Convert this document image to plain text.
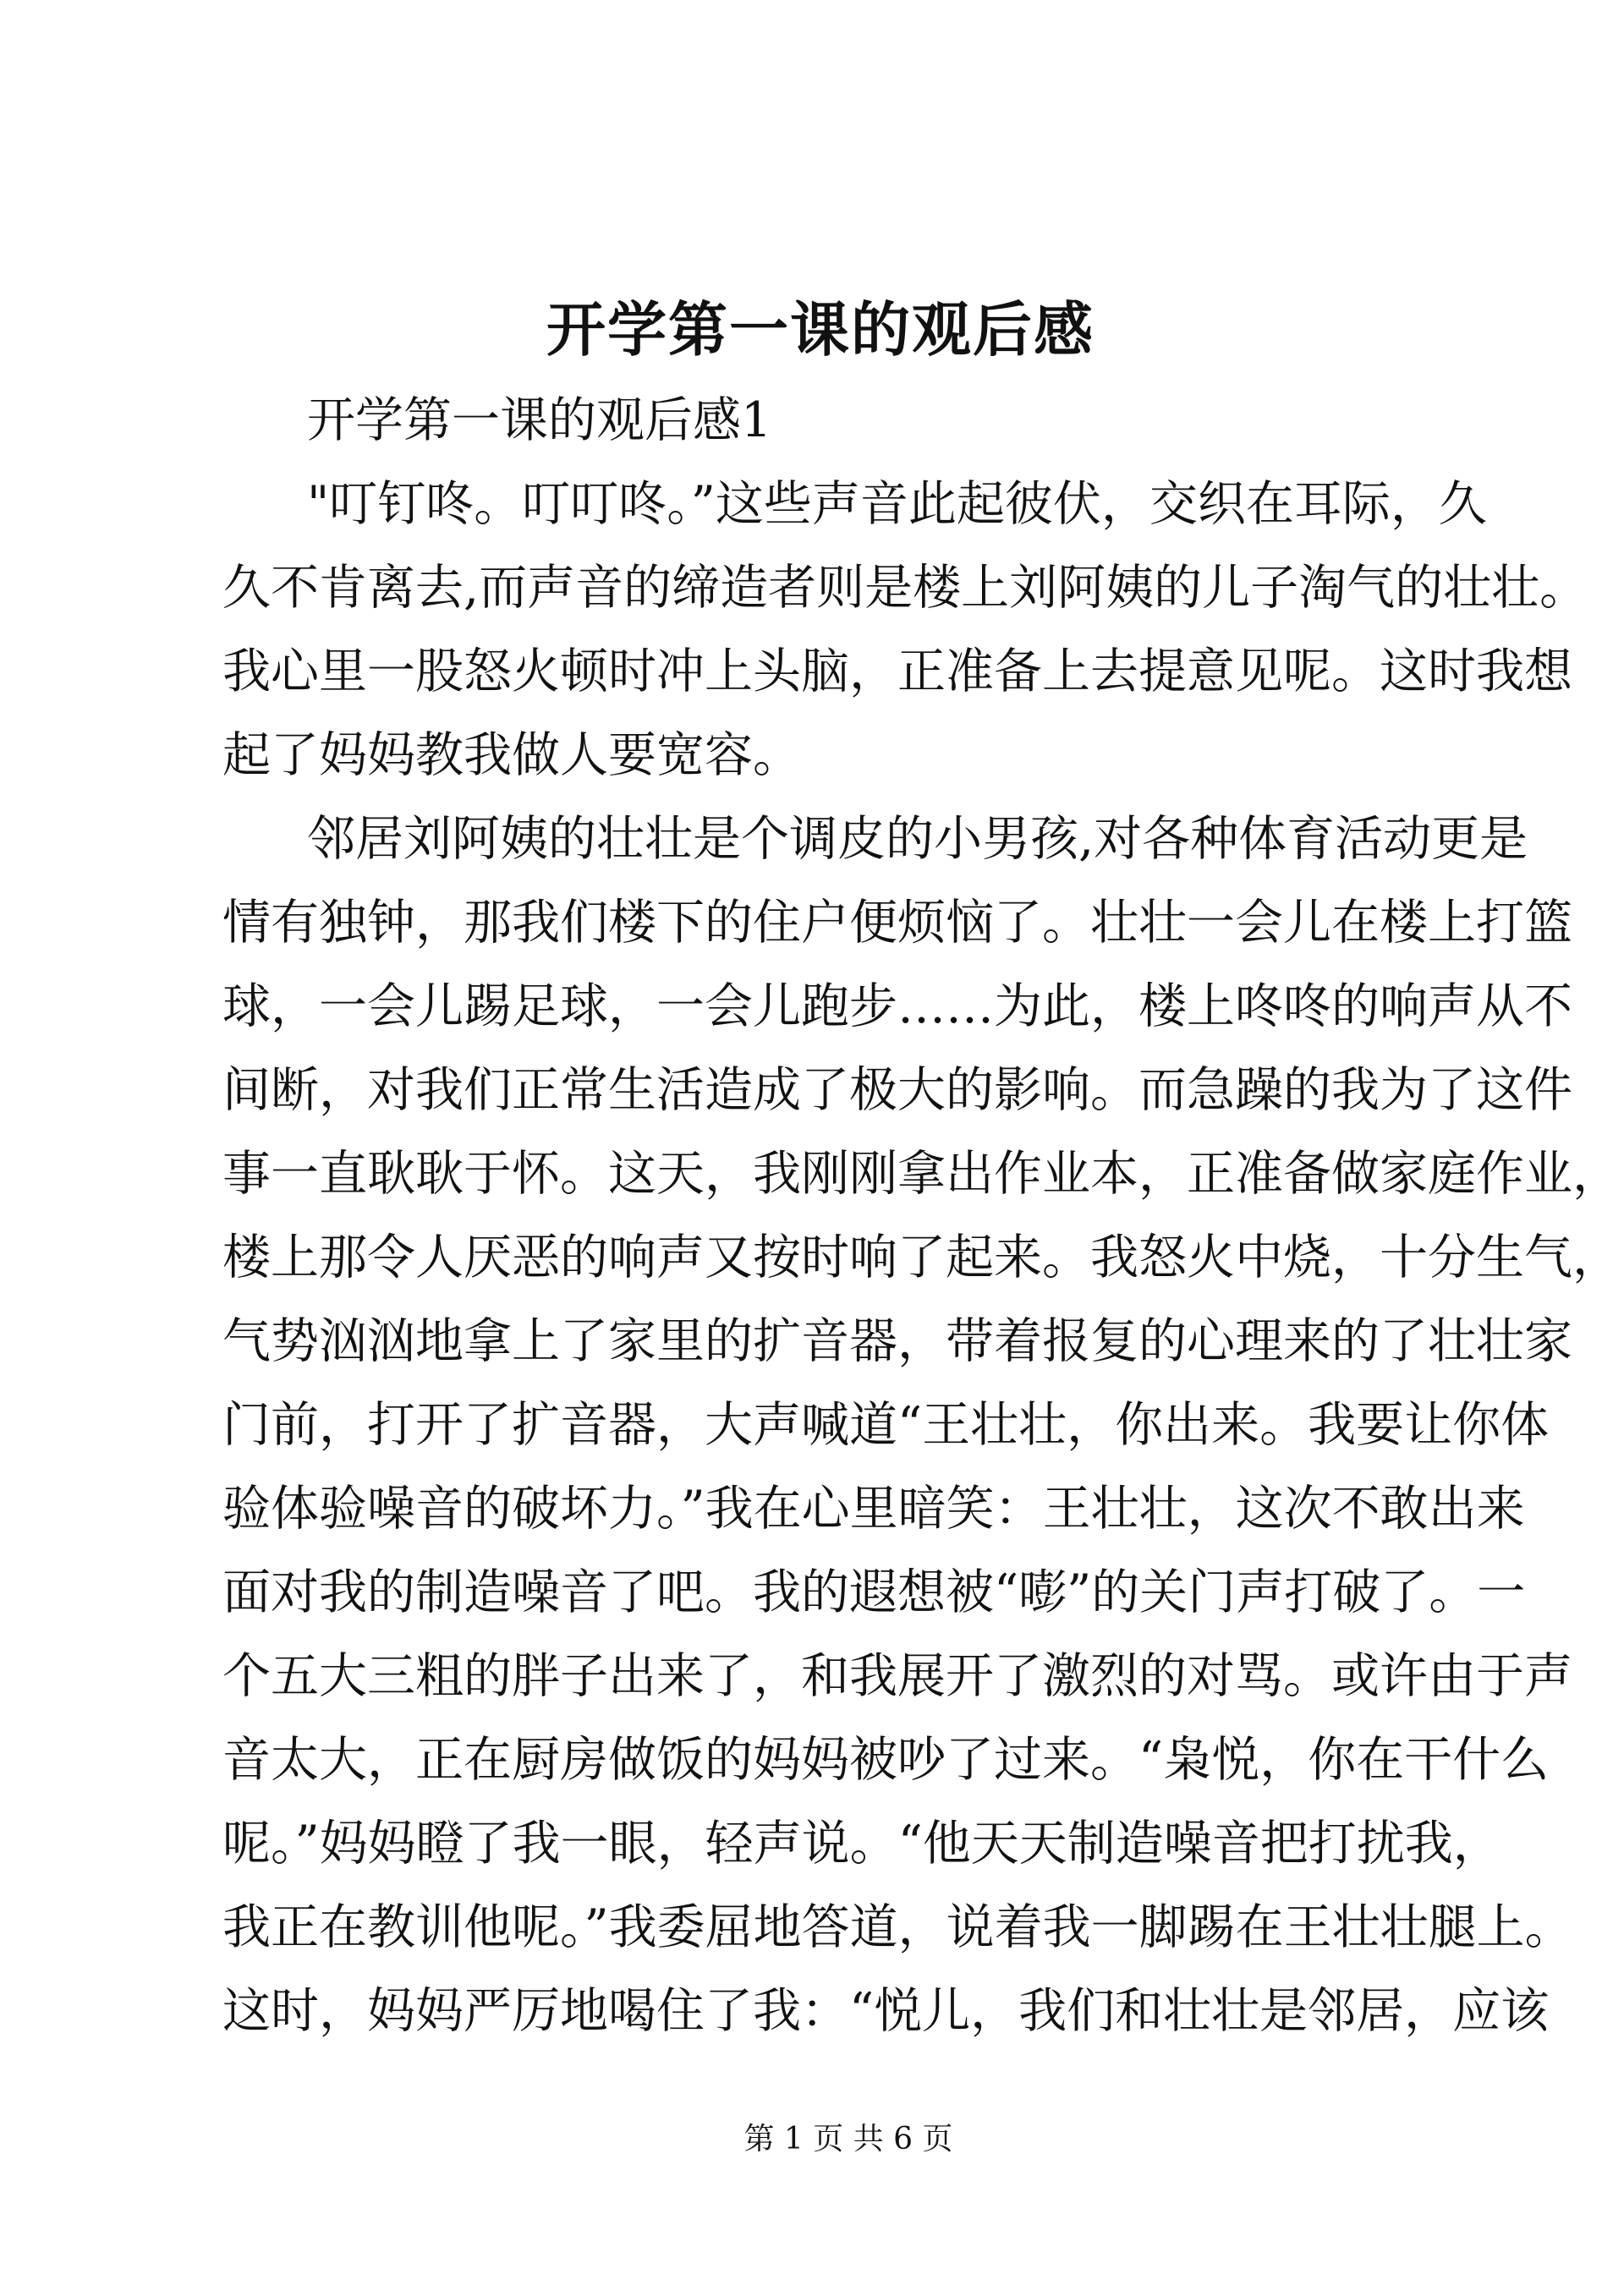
开学第一课的观后感
开学第一课的观后感1
"叮钉咚。叮叮咚。”这些声音此起彼伏，交织在耳际，久
久不肯离去,而声音的缔造者则是楼上刘阿姨的儿子淘气的壮壮。
我心里一股怒火顿时冲上头脑，正准备上去提意见呢。这时我想
起了妈妈教我做人要宽容。
邻居刘阿姨的壮壮是个调皮的小男孩,对各种体育活动更是
情有独钟，那我们楼下的住户便烦恼了。壮壮一会儿在楼上打篮
球，一会儿踢足球，一会儿跑步……为此，楼上咚咚的响声从不
间断，对我们正常生活造成了极大的影响。而急躁的我为了这件
事一直耿耿于怀。这天，我刚刚拿出作业本，正准备做家庭作业，
楼上那令人厌恶的响声又按时响了起来。我怒火中烧，十分生气，
气势汹汹地拿上了家里的扩音器，带着报复的心理来的了壮壮家
门前，打开了扩音器，大声喊道“王壮壮，你出来。我要让你体
验体验噪音的破坏力。”我在心里暗笑：王壮壮，这次不敢出来
面对我的制造噪音了吧。我的遐想被“嘭”的关门声打破了。一
个五大三粗的胖子出来了，和我展开了激烈的对骂。或许由于声
音太大，正在厨房做饭的妈妈被吵了过来。“枭悦，你在干什么
呢。”妈妈瞪了我一眼，轻声说。“他天天制造噪音把打扰我，
我正在教训他呢。”我委屈地答道，说着我一脚踢在王壮壮腿上。
这时，妈妈严厉地喝住了我：“悦儿，我们和壮壮是邻居，应该
第 1 页 共 6 页
